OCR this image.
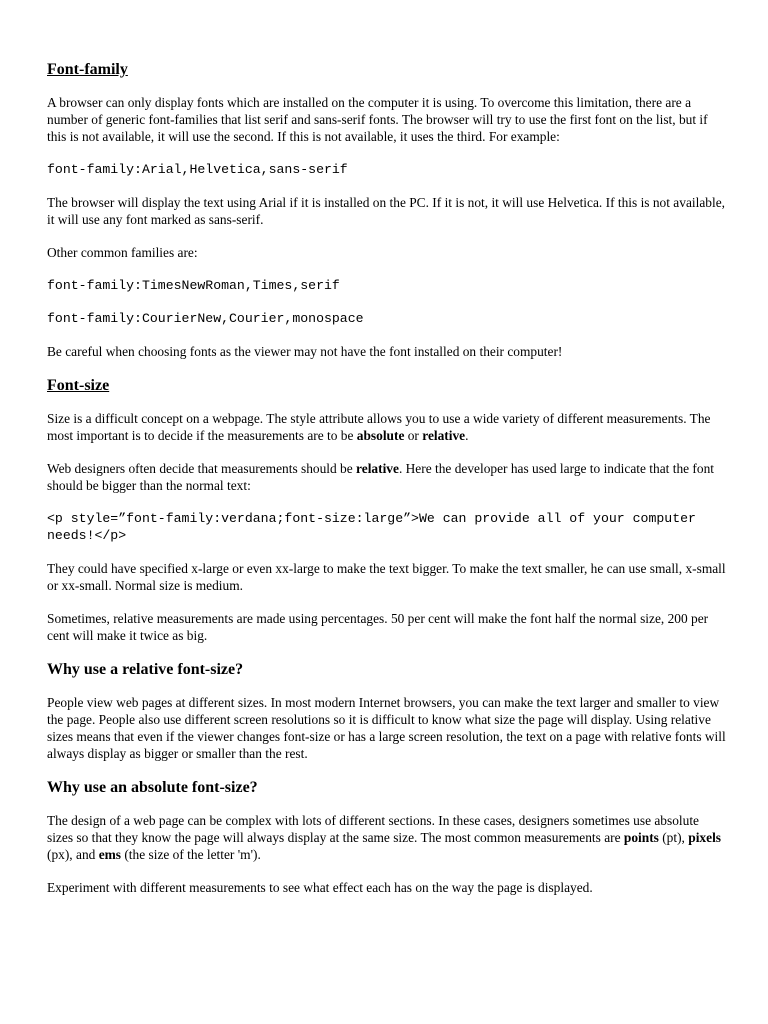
Font-family

A browser can only display fonts which are installed on the computer it is using. To overcome this limitation, there are a number of generic font-families that list serif and sans-serif fonts. The browser will try to use the first font on the list, but if this is not available, it will use the second. If this is not available, it uses the third. For example:

font-family:Arial,Helvetica,sans-serif

The browser will display the text using Arial if it is installed on the PC. If it is not, it will use Helvetica. If this is not available, it will use any font marked as sans-serif.

Other common families are:

font-family:TimesNewRoman,Times,serif
font-family:CourierNew,Courier,monospace

Be careful when choosing fonts as the viewer may not have the font installed on their computer!

Font-size

Size is a difficult concept on a webpage. The style attribute allows you to use a wide variety of different measurements. The most important is to decide if the measurements are to be absolute or relative.

Web designers often decide that measurements should be relative. Here the developer has used large to indicate that the font should be bigger than the normal text:

<p style=”font-family:verdana;font-size:large”>We can provide all of your computer needs!</p>

They could have specified x-large or even xx-large to make the text bigger. To make the text smaller, he can use small, x-small or xx-small. Normal size is medium.

Sometimes, relative measurements are made using percentages. 50 per cent will make the font half the normal size, 200 per cent will make it twice as big.

Why use a relative font-size?

People view web pages at different sizes. In most modern Internet browsers, you can make the text larger and smaller to view the page. People also use different screen resolutions so it is difficult to know what size the page will display. Using relative sizes means that even if the viewer changes font-size or has a large screen resolution, the text on a page with relative fonts will always display as bigger or smaller than the rest.

Why use an absolute font-size?

The design of a web page can be complex with lots of different sections. In these cases, designers sometimes use absolute sizes so that they know the page will always display at the same size. The most common measurements are points (pt), pixels (px), and ems (the size of the letter 'm').

Experiment with different measurements to see what effect each has on the way the page is displayed.
